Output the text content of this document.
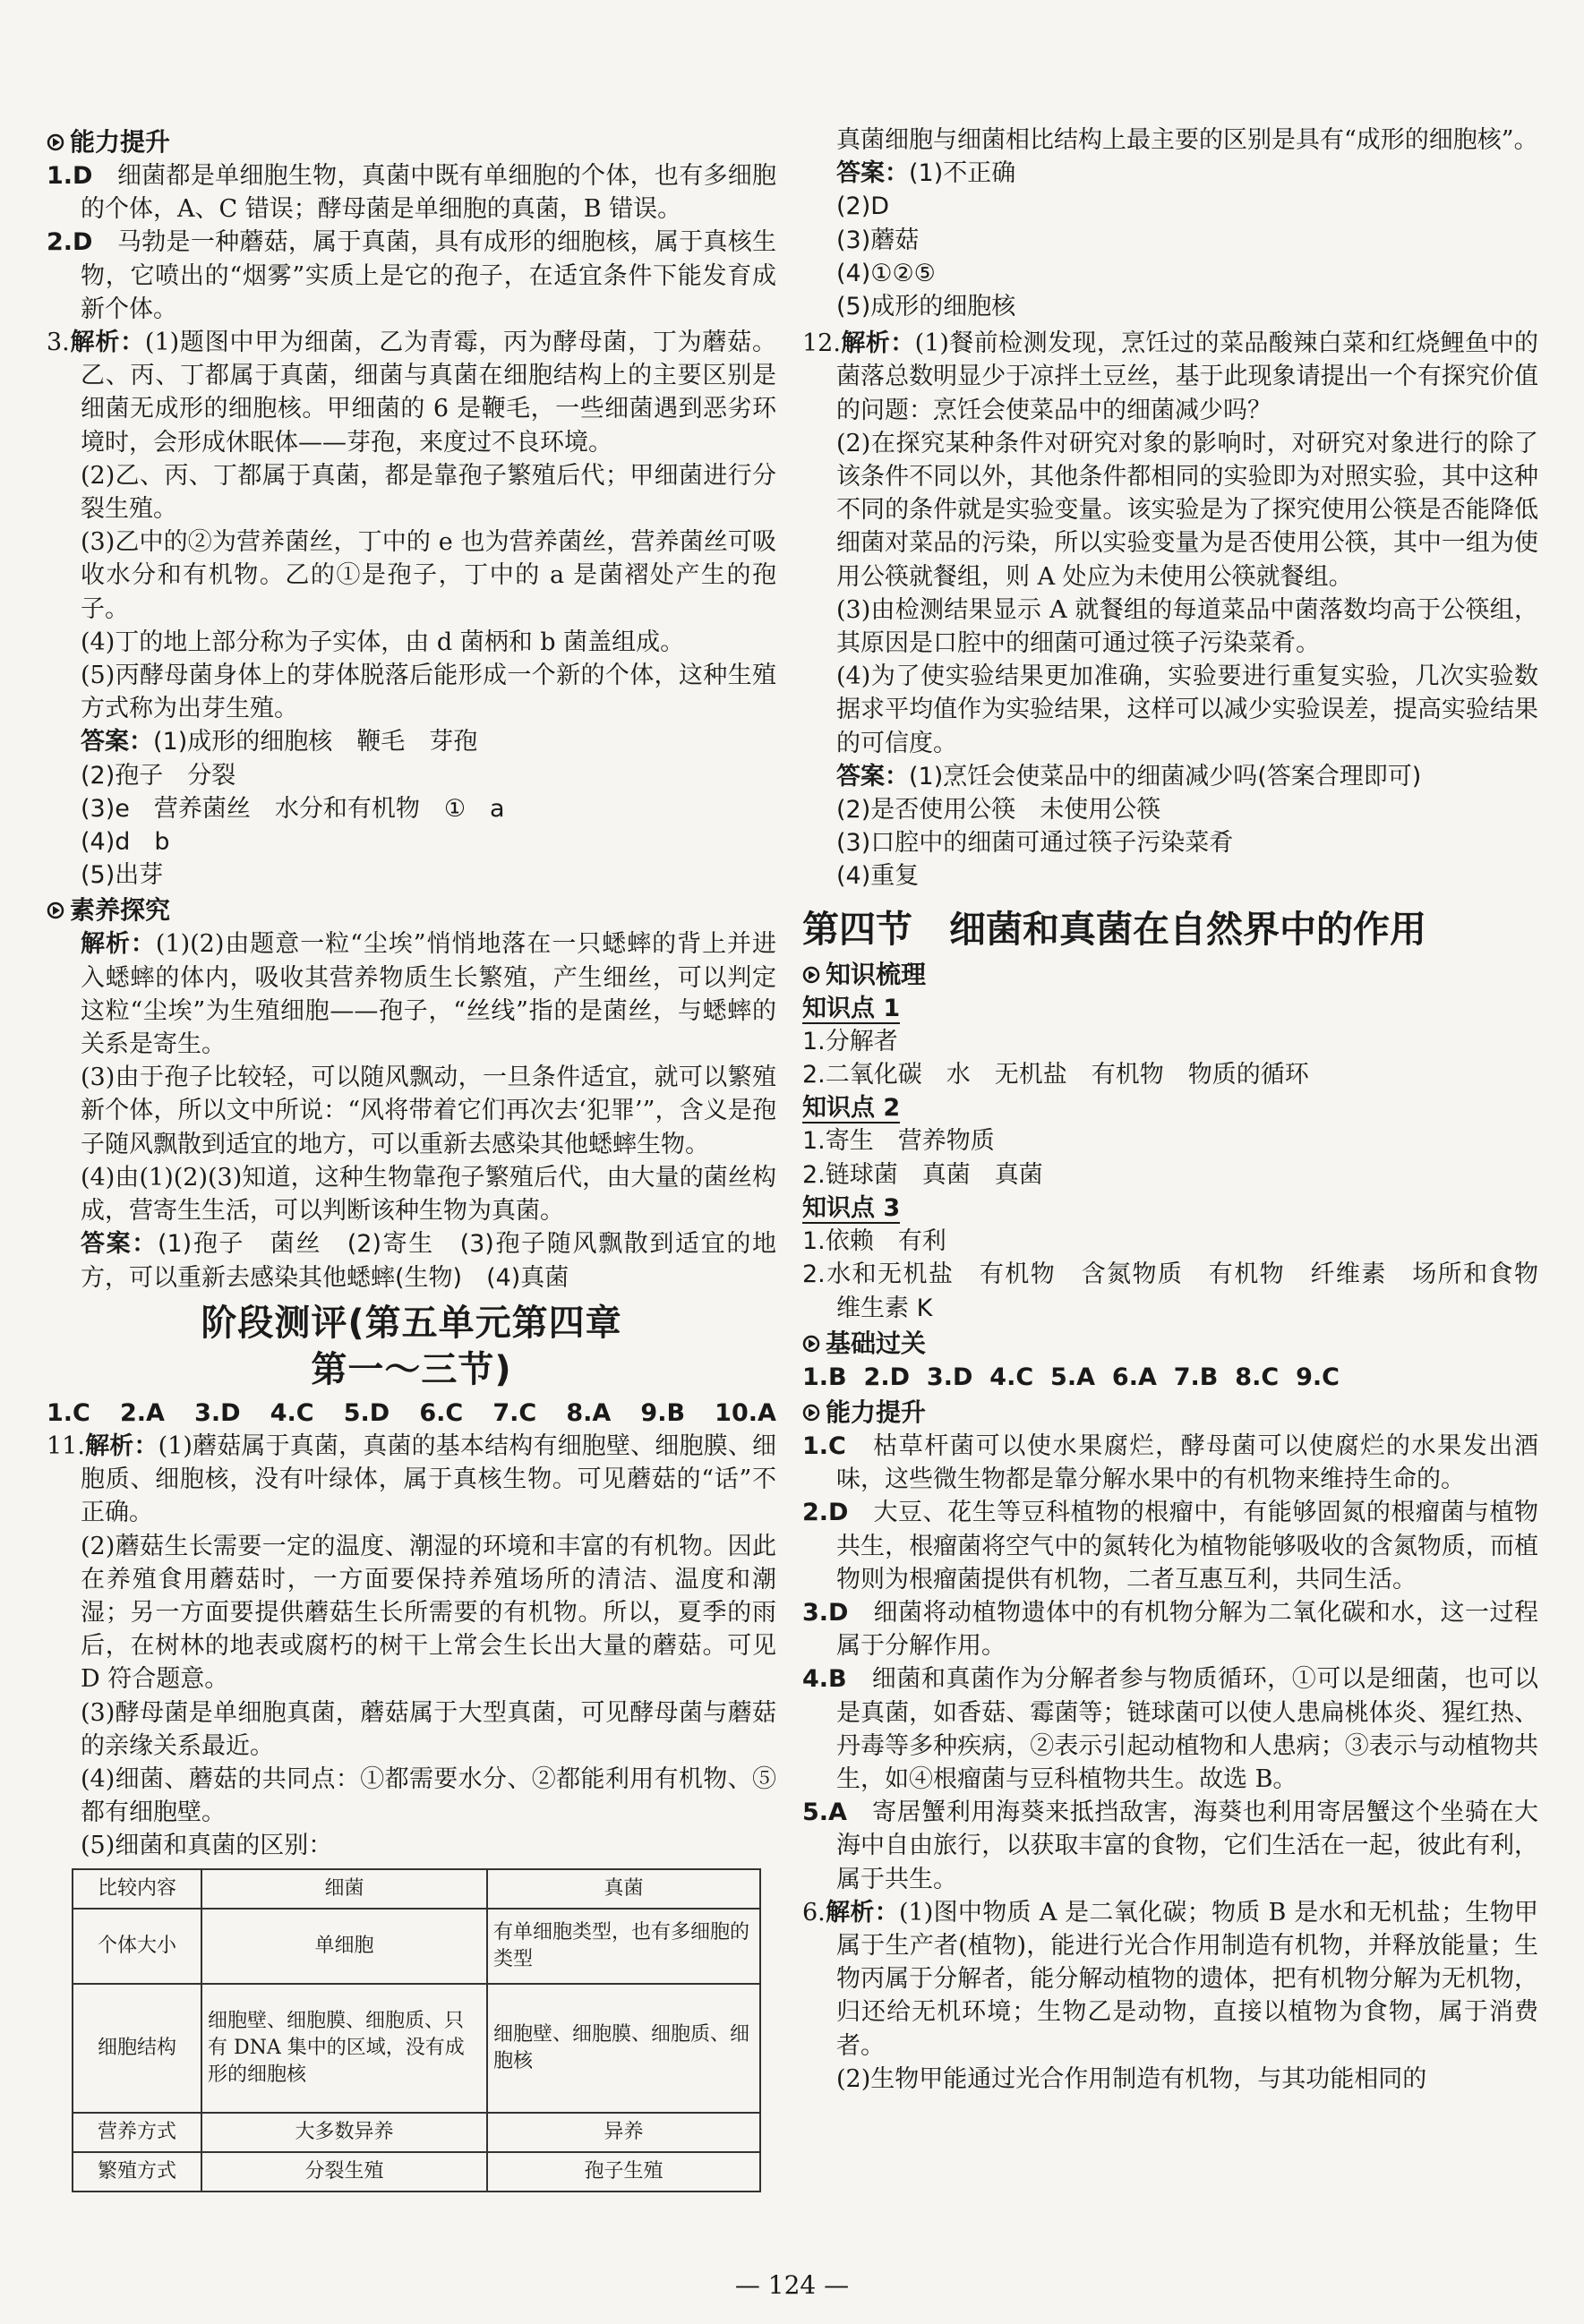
能力提升
1.D　 细菌都是单细胞生物，真菌中既有单细胞的个体，也有多细胞的个体，A、C 错误；酵母菌是单细胞的真菌，B 错误。
2.D　 马勃是一种蘑菇，属于真菌，具有成形的细胞核，属于真核生物，它喷出的“烟雾”实质上是它的孢子，在适宜条件下能发育成新个体。
3.解析：(1)题图中甲为细菌，乙为青霉，丙为酵母菌，丁为蘑菇。乙、丙、丁都属于真菌，细菌与真菌在细胞结构上的主要区别是细菌无成形的细胞核。甲细菌的 6 是鞭毛，一些细菌遇到恶劣环境时，会形成休眠体——芽孢，来度过不良环境。
(2)乙、丙、丁都属于真菌，都是靠孢子繁殖后代；甲细菌进行分裂生殖。
(3)乙中的②为营养菌丝，丁中的 e 也为营养菌丝，营养菌丝可吸收水分和有机物。乙的①是孢子，丁中的 a 是菌褶处产生的孢子。
(4)丁的地上部分称为子实体，由 d 菌柄和 b 菌盖组成。
(5)丙酵母菌身体上的芽体脱落后能形成一个新的个体，这种生殖方式称为出芽生殖。
答案：(1)成形的细胞核　鞭毛　芽孢
(2)孢子　分裂
(3)e　营养菌丝　水分和有机物　①　a
(4)d　b
(5)出芽
素养探究
解析：(1)(2)由题意一粒“尘埃”悄悄地落在一只蟋蟀的背上并进入蟋蟀的体内，吸收其营养物质生长繁殖，产生细丝，可以判定这粒“尘埃”为生殖细胞——孢子，“丝线”指的是菌丝，与蟋蟀的关系是寄生。
(3)由于孢子比较轻，可以随风飘动，一旦条件适宜，就可以繁殖新个体，所以文中所说：“风将带着它们再次去‘犯罪’”，含义是孢子随风飘散到适宜的地方，可以重新去感染其他蟋蟀生物。
(4)由(1)(2)(3)知道，这种生物靠孢子繁殖后代，由大量的菌丝构成，营寄生生活，可以判断该种生物为真菌。
答案：(1)孢子　菌丝　(2)寄生　(3)孢子随风飘散到适宜的地方，可以重新去感染其他蟋蟀(生物)　(4)真菌
阶段测评(第五单元第四章
第一～三节)
1.C 2.A 3.D 4.C 5.D 6.C 7.C 8.A 9.B 10.A
11.解析：(1)蘑菇属于真菌，真菌的基本结构有细胞壁、细胞膜、细胞质、细胞核，没有叶绿体，属于真核生物。可见蘑菇的“话”不正确。
(2)蘑菇生长需要一定的温度、潮湿的环境和丰富的有机物。因此在养殖食用蘑菇时，一方面要保持养殖场所的清洁、温度和潮湿；另一方面要提供蘑菇生长所需要的有机物。所以，夏季的雨后，在树林的地表或腐朽的树干上常会生长出大量的蘑菇。可见 D 符合题意。
(3)酵母菌是单细胞真菌，蘑菇属于大型真菌，可见酵母菌与蘑菇的亲缘关系最近。
(4)细菌、蘑菇的共同点：①都需要水分、②都能利用有机物、⑤都有细胞壁。
(5)细菌和真菌的区别：
比较内容	细菌	真菌
个体大小	单细胞	有单细胞类型，也有多细胞的类型
细胞结构	细胞壁、细胞膜、细胞质、只有 DNA 集中的区域，没有成形的细胞核	细胞壁、细胞膜、细胞质、细胞核
营养方式	大多数异养	异养
繁殖方式	分裂生殖	孢子生殖
真菌细胞与细菌相比结构上最主要的区别是具有“成形的细胞核”。
答案：(1)不正确
(2)D
(3)蘑菇
(4)①②⑤
(5)成形的细胞核
12.解析：(1)餐前检测发现，烹饪过的菜品酸辣白菜和红烧鲤鱼中的菌落总数明显少于凉拌土豆丝，基于此现象请提出一个有探究价值的问题：烹饪会使菜品中的细菌减少吗？
(2)在探究某种条件对研究对象的影响时，对研究对象进行的除了该条件不同以外，其他条件都相同的实验即为对照实验，其中这种不同的条件就是实验变量。该实验是为了探究使用公筷是否能降低细菌对菜品的污染，所以实验变量为是否使用公筷，其中一组为使用公筷就餐组，则 A 处应为未使用公筷就餐组。
(3)由检测结果显示 A 就餐组的每道菜品中菌落数均高于公筷组，其原因是口腔中的细菌可通过筷子污染菜肴。
(4)为了使实验结果更加准确，实验要进行重复实验，几次实验数据求平均值作为实验结果，这样可以减少实验误差，提高实验结果的可信度。
答案：(1)烹饪会使菜品中的细菌减少吗(答案合理即可)
(2)是否使用公筷　未使用公筷
(3)口腔中的细菌可通过筷子污染菜肴
(4)重复
第四节　细菌和真菌在自然界中的作用
知识梳理
知识点 1
1.分解者
2.二氧化碳　水　无机盐　有机物　物质的循环
知识点 2
1.寄生　营养物质
2.链球菌　真菌　真菌
知识点 3
1.依赖　有利
2.水和无机盐　有机物　含氮物质　有机物　纤维素　场所和食物　维生素 K
基础过关
1.B 2.D 3.D 4.C 5.A 6.A 7.B 8.C 9.C
能力提升
1.C　 枯草杆菌可以使水果腐烂，酵母菌可以使腐烂的水果发出酒味，这些微生物都是靠分解水果中的有机物来维持生命的。
2.D　 大豆、花生等豆科植物的根瘤中，有能够固氮的根瘤菌与植物共生，根瘤菌将空气中的氮转化为植物能够吸收的含氮物质，而植物则为根瘤菌提供有机物，二者互惠互利，共同生活。
3.D　 细菌将动植物遗体中的有机物分解为二氧化碳和水，这一过程属于分解作用。
4.B　 细菌和真菌作为分解者参与物质循环，①可以是细菌，也可以是真菌，如香菇、霉菌等；链球菌可以使人患扁桃体炎、猩红热、丹毒等多种疾病，②表示引起动植物和人患病；③表示与动植物共生，如④根瘤菌与豆科植物共生。故选 B。
5.A　 寄居蟹利用海葵来抵挡敌害，海葵也利用寄居蟹这个坐骑在大海中自由旅行，以获取丰富的食物，它们生活在一起，彼此有利，属于共生。
6.解析：(1)图中物质 A 是二氧化碳；物质 B 是水和无机盐；生物甲属于生产者(植物)，能进行光合作用制造有机物，并释放能量；生物丙属于分解者，能分解动植物的遗体，把有机物分解为无机物，归还给无机环境；生物乙是动物，直接以植物为食物，属于消费者。
(2)生物甲能通过光合作用制造有机物，与其功能相同的
— 124 —
